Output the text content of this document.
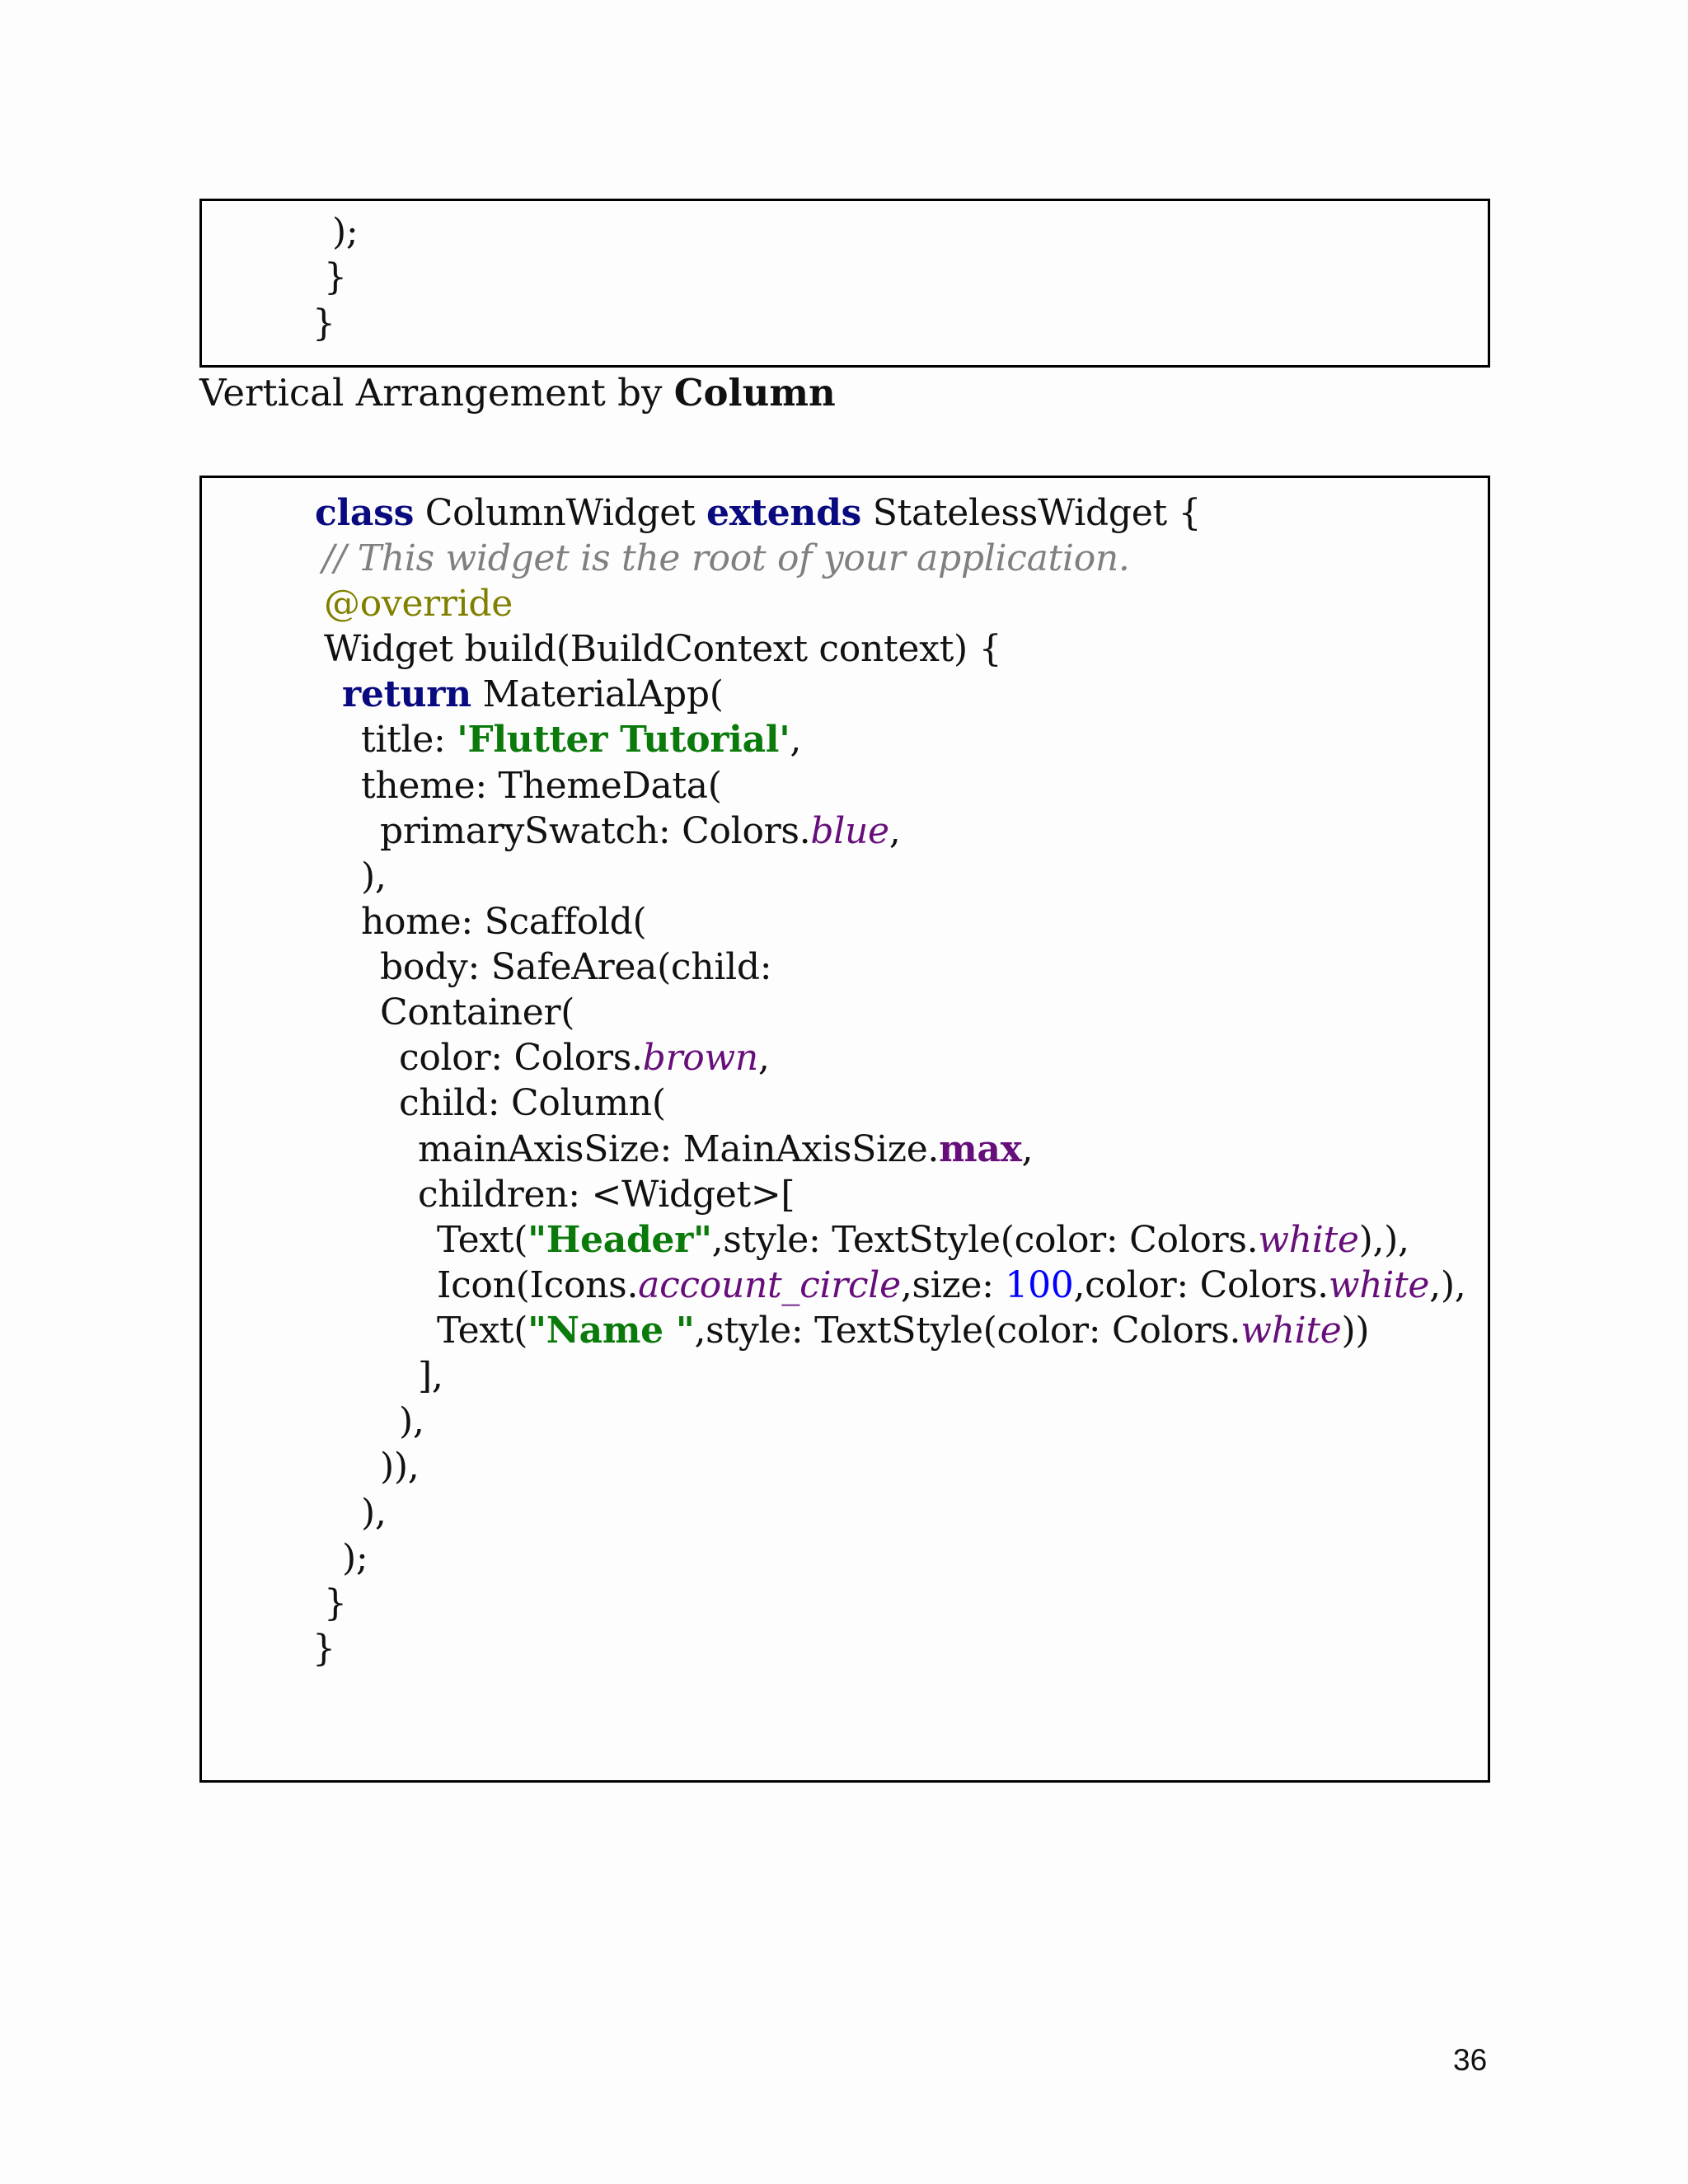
);
}
}
Vertical Arrangement by Column
class ColumnWidget extends StatelessWidget {
// This widget is the root of your application.
@override
Widget build(BuildContext context) {
return MaterialApp(
title: 'Flutter Tutorial',
theme: ThemeData(
primarySwatch: Colors.blue,
),
home: Scaffold(
body: SafeArea(child:
Container(
color: Colors.brown,
child: Column(
mainAxisSize: MainAxisSize.max,
children: <Widget>[
Text("Header",style: TextStyle(color: Colors.white),),
Icon(Icons.account_circle,size: 100,color: Colors.white,),
Text("Name ",style: TextStyle(color: Colors.white))
],
),
)),
),
);
}
}
36
